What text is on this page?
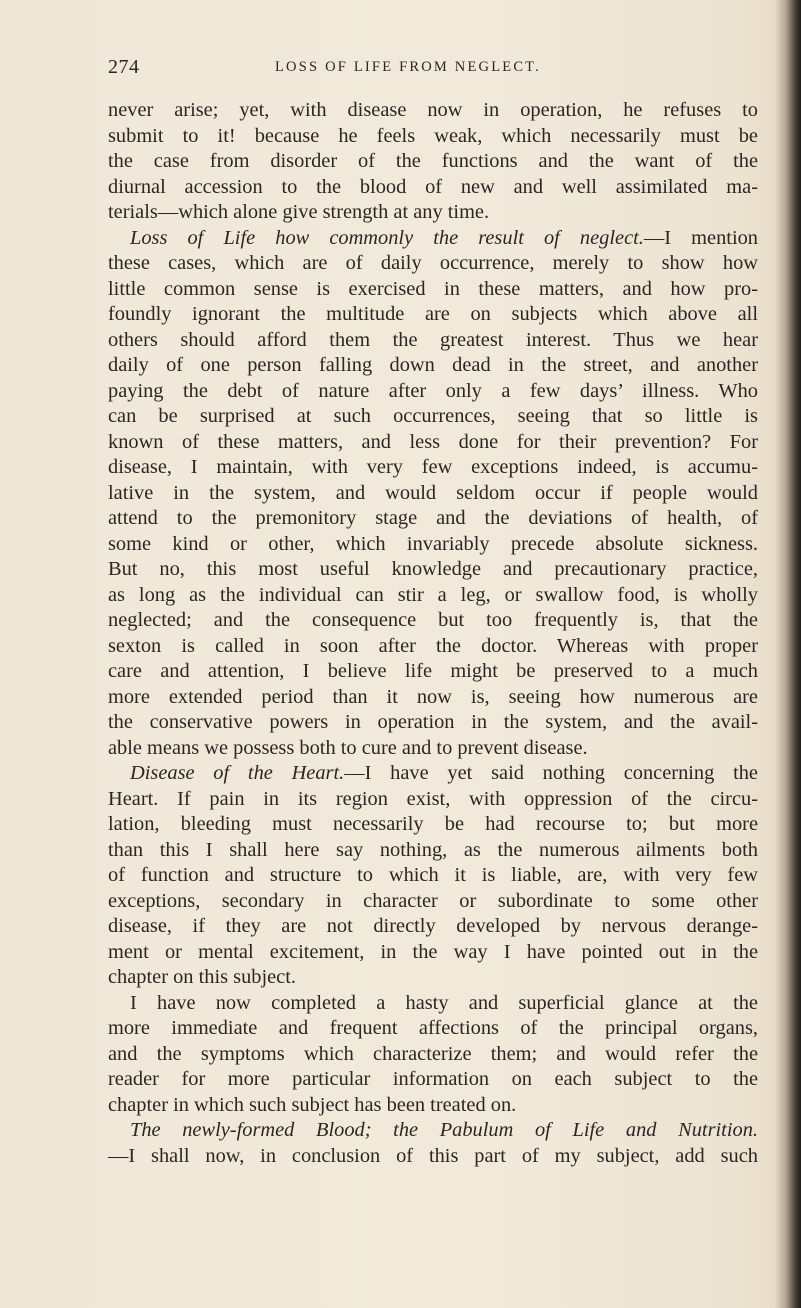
274	LOSS OF LIFE FROM NEGLECT.
never arise; yet, with disease now in operation, he refuses to
submit to it! because he feels weak, which necessarily must be
the case from disorder of the functions and the want of the
diurnal accession to the blood of new and well assimilated ma-
terials—which alone give strength at any time.
Loss of Life how commonly the result of neglect.—I mention
these cases, which are of daily occurrence, merely to show how
little common sense is exercised in these matters, and how pro-
foundly ignorant the multitude are on subjects which above all
others should afford them the greatest interest. Thus we hear
daily of one person falling down dead in the street, and another
paying the debt of nature after only a few days’ illness. Who
can be surprised at such occurrences, seeing that so little is
known of these matters, and less done for their prevention? For
disease, I maintain, with very few exceptions indeed, is accumu-
lative in the system, and would seldom occur if people would
attend to the premonitory stage and the deviations of health, of
some kind or other, which invariably precede absolute sickness.
But no, this most useful knowledge and precautionary practice,
as long as the individual can stir a leg, or swallow food, is wholly
neglected; and the consequence but too frequently is, that the
sexton is called in soon after the doctor. Whereas with proper
care and attention, I believe life might be preserved to a much
more extended period than it now is, seeing how numerous are
the conservative powers in operation in the system, and the avail-
able means we possess both to cure and to prevent disease.
Disease of the Heart.—I have yet said nothing concerning the
Heart. If pain in its region exist, with oppression of the circu-
lation, bleeding must necessarily be had recourse to; but more
than this I shall here say nothing, as the numerous ailments both
of function and structure to which it is liable, are, with very few
exceptions, secondary in character or subordinate to some other
disease, if they are not directly developed by nervous derange-
ment or mental excitement, in the way I have pointed out in the
chapter on this subject.
I have now completed a hasty and superficial glance at the
more immediate and frequent affections of the principal organs,
and the symptoms which characterize them; and would refer the
reader for more particular information on each subject to the
chapter in which such subject has been treated on.
The newly-formed Blood; the Pabulum of Life and Nutrition.
—I shall now, in conclusion of this part of my subject, add such
